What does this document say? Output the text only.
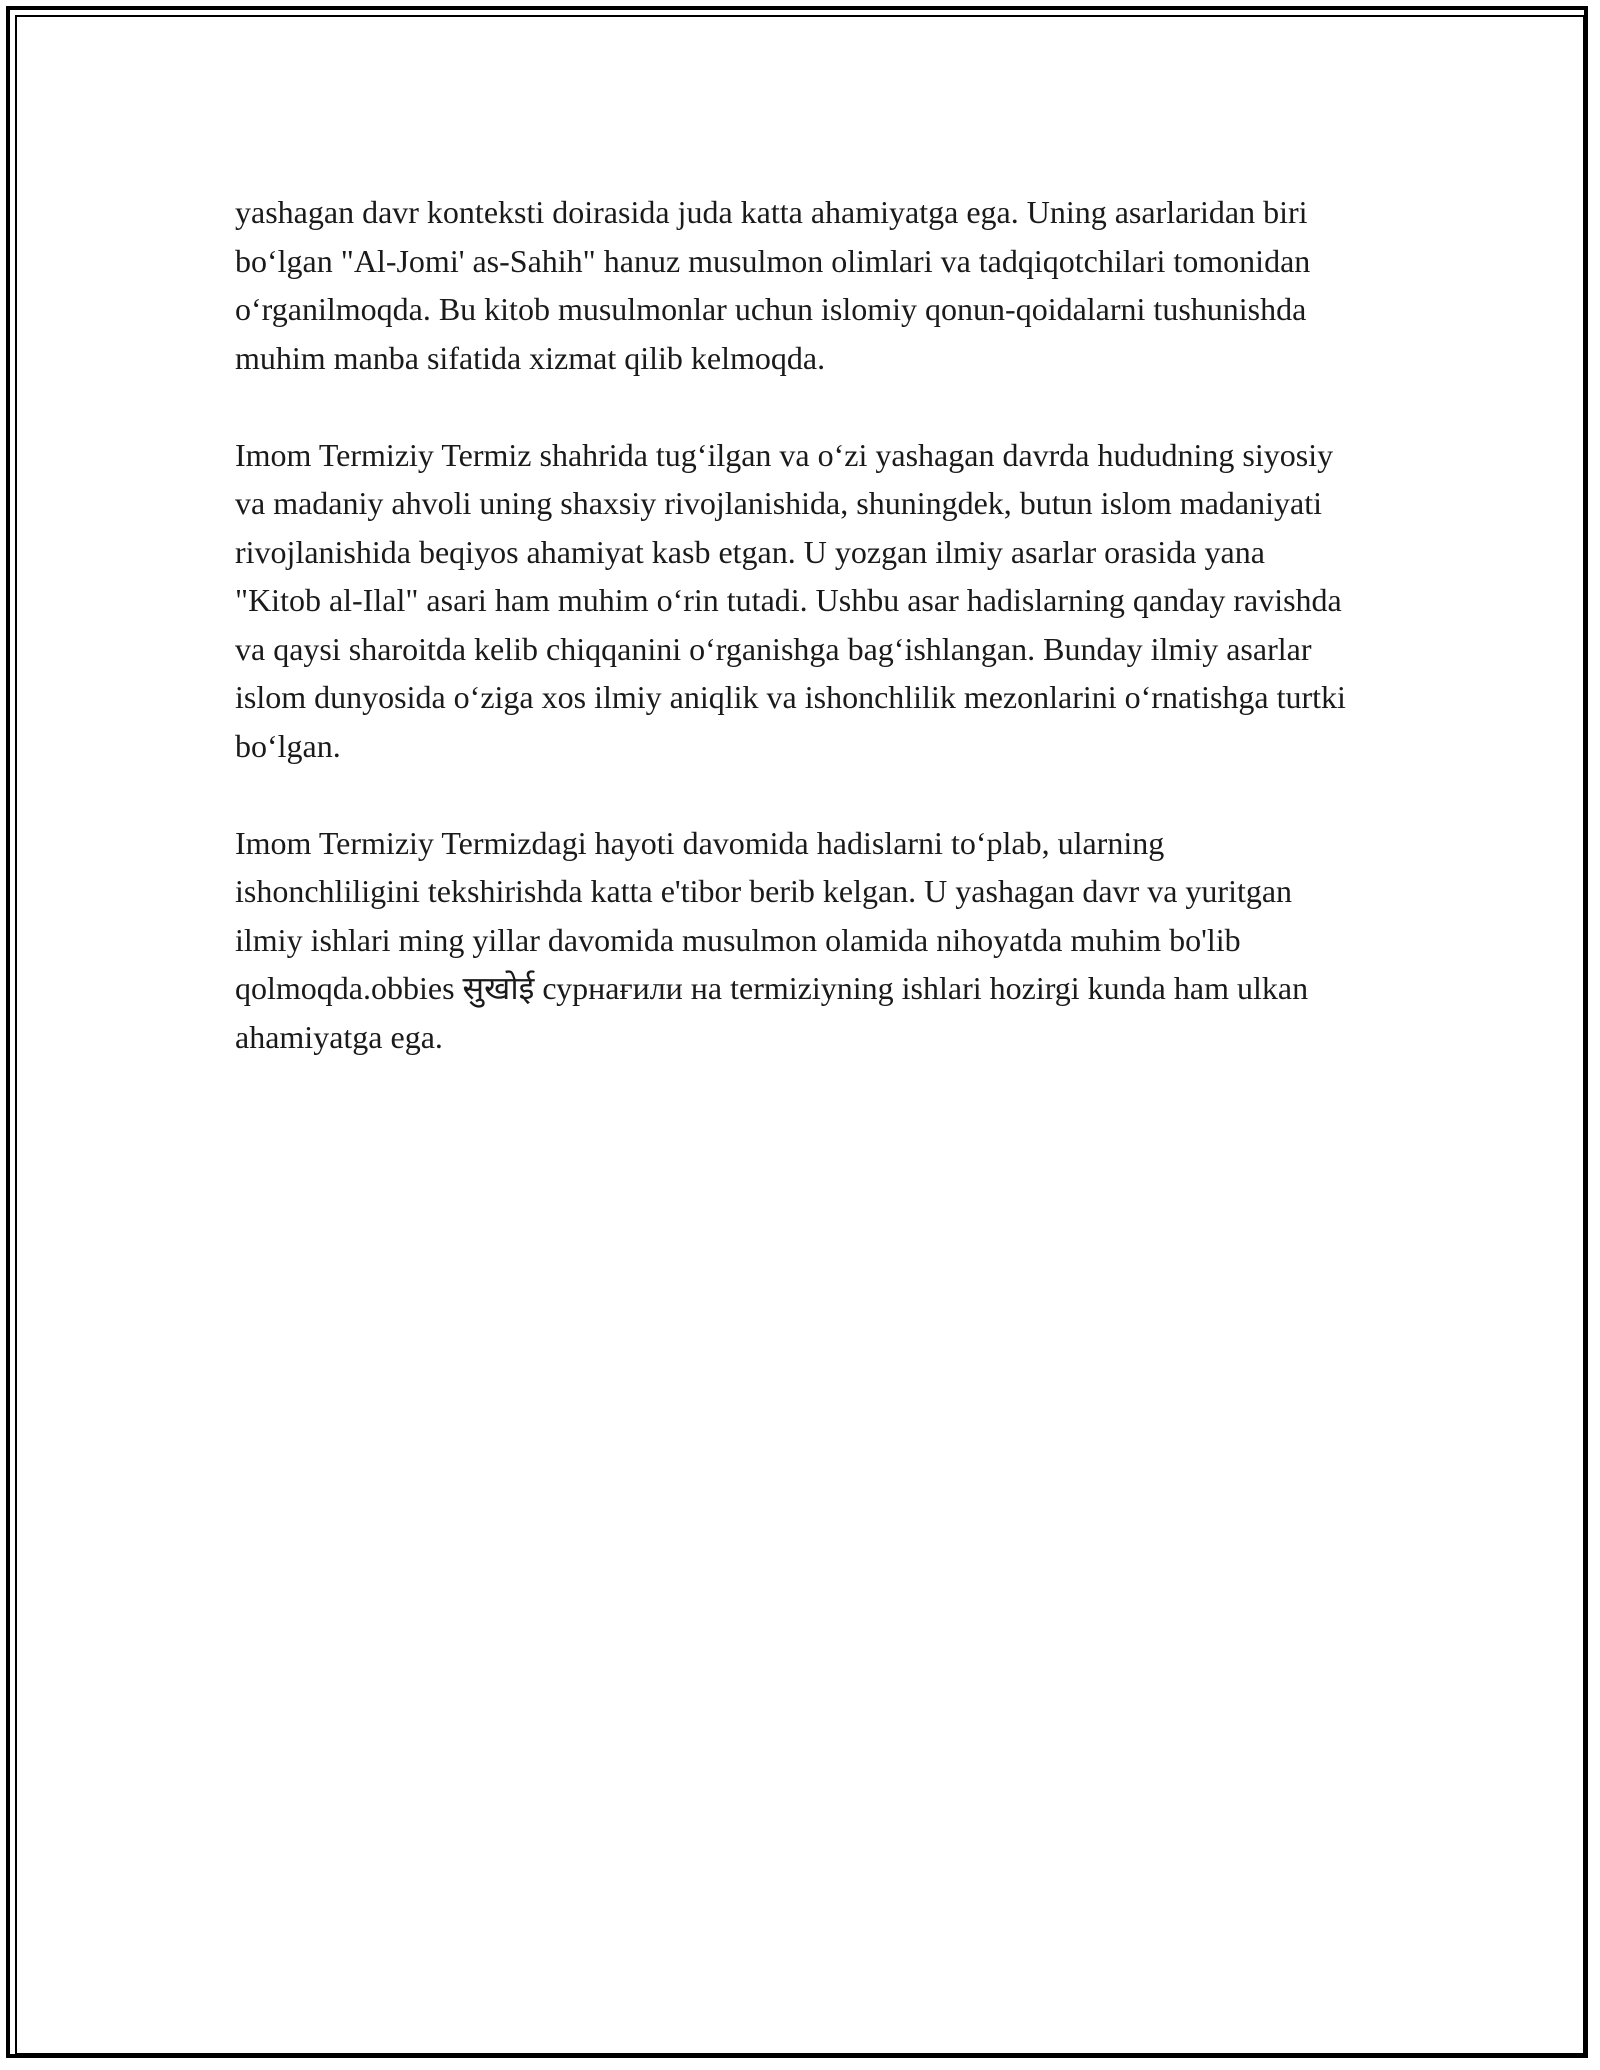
yashagan davr konteksti doirasida juda katta ahamiyatga ega. Uning asarlaridan biri bo‘lgan "Al-Jomi' as-Sahih" hanuz musulmon olimlari va tadqiqotchilari tomonidan o‘rganilmoqda. Bu kitob musulmonlar uchun islomiy qonun-qoidalarni tushunishda muhim manba sifatida xizmat qilib kelmoqda.

Imom Termiziy Termiz shahrida tug‘ilgan va o‘zi yashagan davrda hududning siyosiy va madaniy ahvoli uning shaxsiy rivojlanishida, shuningdek, butun islom madaniyati rivojlanishida beqiyos ahamiyat kasb etgan. U yozgan ilmiy asarlar orasida yana "Kitob al-Ilal" asari ham muhim o‘rin tutadi. Ushbu asar hadislarning qanday ravishda va qaysi sharoitda kelib chiqqanini o‘rganishga bag‘ishlangan. Bunday ilmiy asarlar islom dunyosida o‘ziga xos ilmiy aniqlik va ishonchlilik mezonlarini o‘rnatishga turtki bo‘lgan.

Imom Termiziy Termizdagi hayoti davomida hadislarni to‘plab, ularning ishonchliligini tekshirishda katta e'tibor berib kelgan. U yashagan davr va yuritgan ilmiy ishlari ming yillar davomida musulmon olamida nihoyatda muhim bo'lib qolmoqda.obbies सुखोई сурнағили на termiziyning ishlari hozirgi kunda ham ulkan ahamiyatga ega.
